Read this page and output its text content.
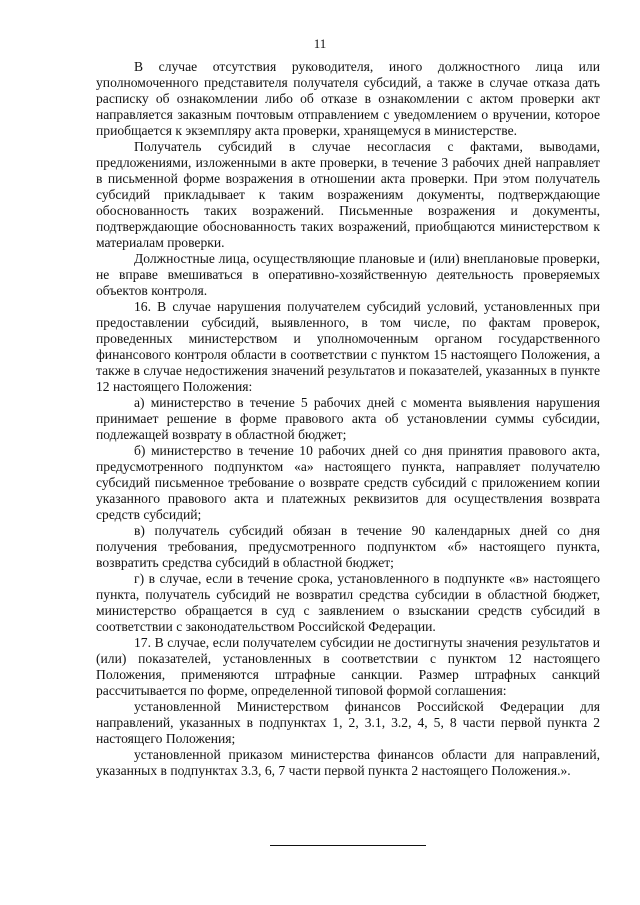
11

В случае отсутствия руководителя, иного должностного лица или уполномоченного представителя получателя субсидий, а также в случае отказа дать расписку об ознакомлении либо об отказе в ознакомлении с актом проверки акт направляется заказным почтовым отправлением с уведомлением о вручении, которое приобщается к экземпляру акта проверки, хранящемуся в министерстве.

Получатель субсидий в случае несогласия с фактами, выводами, предложениями, изложенными в акте проверки, в течение 3 рабочих дней направляет в письменной форме возражения в отношении акта проверки. При этом получатель субсидий прикладывает к таким возражениям документы, подтверждающие обоснованность таких возражений. Письменные возражения и документы, подтверждающие обоснованность таких возражений, приобщаются министерством к материалам проверки.

Должностные лица, осуществляющие плановые и (или) внеплановые проверки, не вправе вмешиваться в оперативно-хозяйственную деятельность проверяемых объектов контроля.

16. В случае нарушения получателем субсидий условий, установленных при предоставлении субсидий, выявленного, в том числе, по фактам проверок, проведенных министерством и уполномоченным органом государственного финансового контроля области в соответствии с пунктом 15 настоящего Положения, а также в случае недостижения значений результатов и показателей, указанных в пункте 12 настоящего Положения:

а) министерство в течение 5 рабочих дней с момента выявления нарушения принимает решение в форме правового акта об установлении суммы субсидии, подлежащей возврату в областной бюджет;

б) министерство в течение 10 рабочих дней со дня принятия правового акта, предусмотренного подпунктом «а» настоящего пункта, направляет получателю субсидий письменное требование о возврате средств субсидий с приложением копии указанного правового акта и платежных реквизитов для осуществления возврата средств субсидий;

в) получатель субсидий обязан в течение 90 календарных дней со дня получения требования, предусмотренного подпунктом «б» настоящего пункта, возвратить средства субсидий в областной бюджет;

г) в случае, если в течение срока, установленного в подпункте «в» настоящего пункта, получатель субсидий не возвратил средства субсидии в областной бюджет, министерство обращается в суд с заявлением о взыскании средств субсидий в соответствии с законодательством Российской Федерации.

17. В случае, если получателем субсидии не достигнуты значения результатов и (или) показателей, установленных в соответствии с пунктом 12 настоящего Положения, применяются штрафные санкции. Размер штрафных санкций рассчитывается по форме, определенной типовой формой соглашения:

установленной Министерством финансов Российской Федерации для направлений, указанных в подпунктах 1, 2, 3.1, 3.2, 4, 5, 8 части первой пункта 2 настоящего Положения;

установленной приказом министерства финансов области для направлений, указанных в подпунктах 3.3, 6, 7 части первой пункта 2 настоящего Положения.».
